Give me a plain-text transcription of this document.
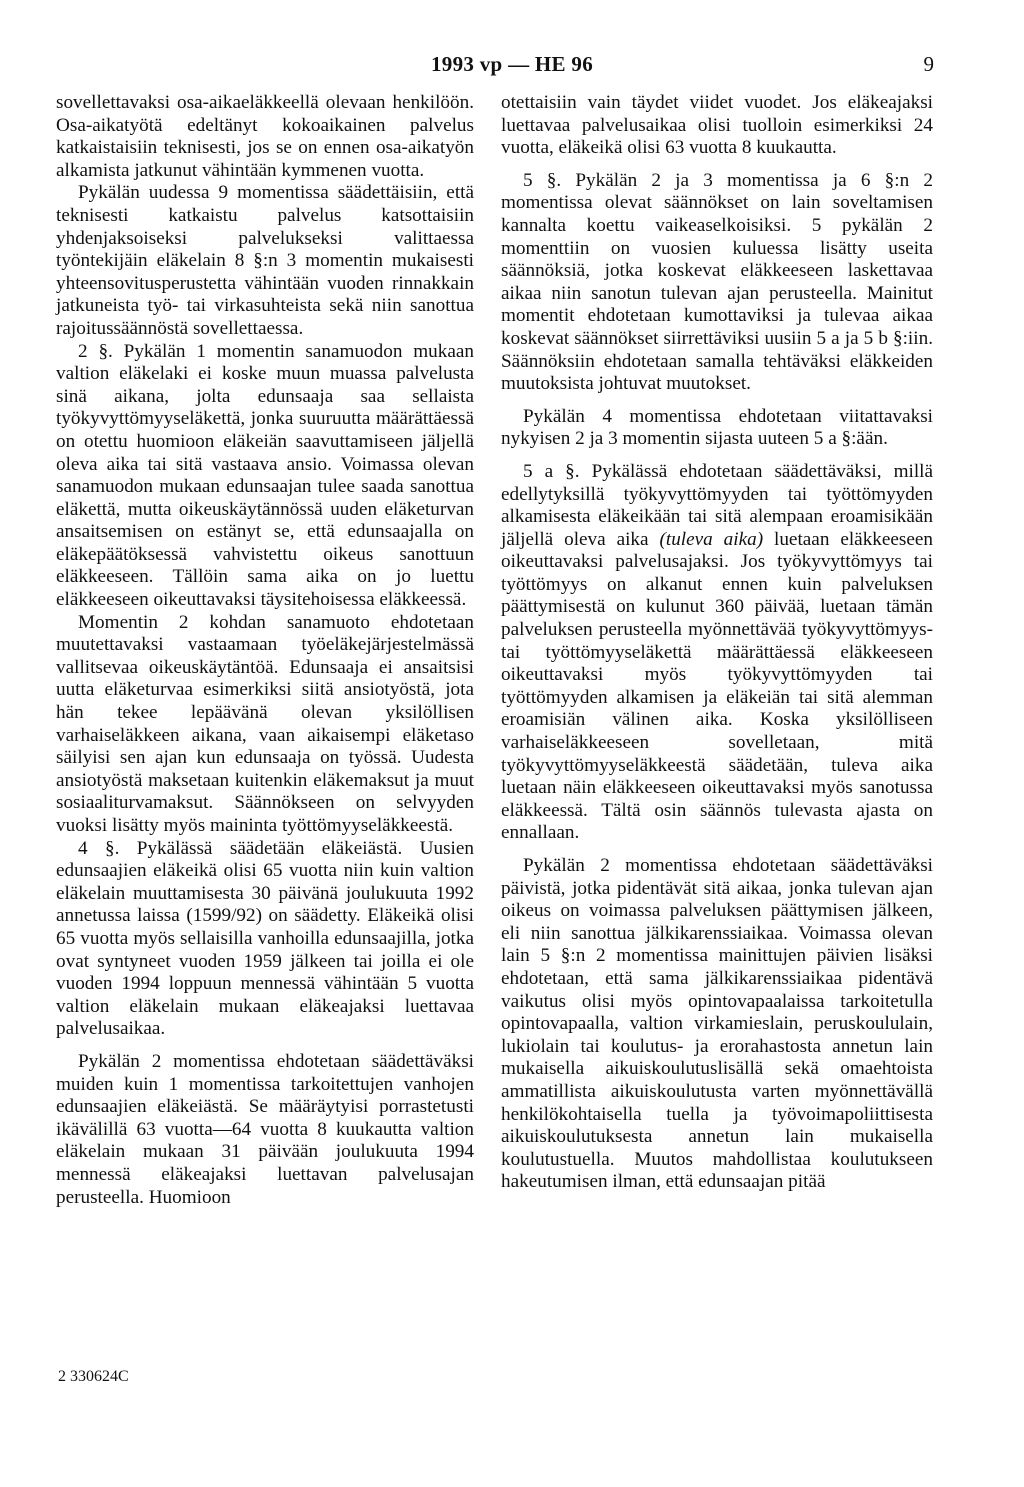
1993 vp — HE 96	9

sovellettavaksi osa-aikaeläkkeellä olevaan henkilöön. Osa-aikatyötä edeltänyt kokoaikainen palvelus katkaistaisiin teknisesti, jos se on ennen osa-aikatyön alkamista jatkunut vähintään kymmenen vuotta.

Pykälän uudessa 9 momentissa säädettäisiin, että teknisesti katkaistu palvelus katsottaisiin yhdenjaksoiseksi palvelukseksi valittaessa työntekijäin eläkelain 8 §:n 3 momentin mukaisesti yhteensovitusperustetta vähintään vuoden rinnakkain jatkuneista työ- tai virkasuhteista sekä niin sanottua rajoitussäännöstä sovellettaessa.

2 §. Pykälän 1 momentin sanamuodon mukaan valtion eläkelaki ei koske muun muassa palvelusta sinä aikana, jolta edunsaaja saa sellaista työkyvyttömyyseläkettä, jonka suuruutta määrättäessä on otettu huomioon eläkeiän saavuttamiseen jäljellä oleva aika tai sitä vastaava ansio. Voimassa olevan sanamuodon mukaan edunsaajan tulee saada sanottua eläkettä, mutta oikeuskäytännössä uuden eläketurvan ansaitsemisen on estänyt se, että edunsaajalla on eläkepäätöksessä vahvistettu oikeus sanottuun eläkkeeseen. Tällöin sama aika on jo luettu eläkkeeseen oikeuttavaksi täysitehoisessa eläkkeessä.

Momentin 2 kohdan sanamuoto ehdotetaan muutettavaksi vastaamaan työeläkejärjestelmässä vallitsevaa oikeuskäytäntöä. Edunsaaja ei ansaitsisi uutta eläketurvaa esimerkiksi siitä ansiotyöstä, jota hän tekee lepäävänä olevan yksilöllisen varhaiseläkkeen aikana, vaan aikaisempi eläketaso säilyisi sen ajan kun edunsaaja on työssä. Uudesta ansiotyöstä maksetaan kuitenkin eläkemaksut ja muut sosiaaliturvamaksut. Säännökseen on selvyyden vuoksi lisätty myös maininta työttömyyseläkkeestä.

4 §. Pykälässä säädetään eläkeiästä. Uusien edunsaajien eläkeikä olisi 65 vuotta niin kuin valtion eläkelain muuttamisesta 30 päivänä joulukuuta 1992 annetussa laissa (1599/92) on säädetty. Eläkeikä olisi 65 vuotta myös sellaisilla vanhoilla edunsaajilla, jotka ovat syntyneet vuoden 1959 jälkeen tai joilla ei ole vuoden 1994 loppuun mennessä vähintään 5 vuotta valtion eläkelain mukaan eläkeajaksi luettavaa palvelusaikaa.

Pykälän 2 momentissa ehdotetaan säädettäväksi muiden kuin 1 momentissa tarkoitettujen vanhojen edunsaajien eläkeiästä. Se määräytyisi porrastetusti ikävälillä 63 vuotta—64 vuotta 8 kuukautta valtion eläkelain mukaan 31 päivään joulukuuta 1994 mennessä eläkeajaksi luettavan palvelusajan perusteella. Huomioon

otettaisiin vain täydet viidet vuodet. Jos eläkeajaksi luettavaa palvelusaikaa olisi tuolloin esimerkiksi 24 vuotta, eläkeikä olisi 63 vuotta 8 kuukautta.

5 §. Pykälän 2 ja 3 momentissa ja 6 §:n 2 momentissa olevat säännökset on lain soveltamisen kannalta koettu vaikeaselkoisiksi. 5 pykälän 2 momenttiin on vuosien kuluessa lisätty useita säännöksiä, jotka koskevat eläkkeeseen laskettavaa aikaa niin sanotun tulevan ajan perusteella. Mainitut momentit ehdotetaan kumottaviksi ja tulevaa aikaa koskevat säännökset siirrettäviksi uusiin 5 a ja 5 b §:iin. Säännöksiin ehdotetaan samalla tehtäväksi eläkkeiden muutoksista johtuvat muutokset.

Pykälän 4 momentissa ehdotetaan viitattavaksi nykyisen 2 ja 3 momentin sijasta uuteen 5 a §:ään.

5 a §. Pykälässä ehdotetaan säädettäväksi, millä edellytyksillä työkyvyttömyyden tai työttömyyden alkamisesta eläkeikään tai sitä alempaan eroamisikään jäljellä oleva aika (tuleva aika) luetaan eläkkeeseen oikeuttavaksi palvelusajaksi. Jos työkyvyttömyys tai työttömyys on alkanut ennen kuin palveluksen päättymisestä on kulunut 360 päivää, luetaan tämän palveluksen perusteella myönnettävää työkyvyttömyys- tai työttömyyseläkettä määrättäessä eläkkeeseen oikeuttavaksi myös työkyvyttömyyden tai työttömyyden alkamisen ja eläkeiän tai sitä alemman eroamisiän välinen aika. Koska yksilölliseen varhaiseläkkeeseen sovelletaan, mitä työkyvyttömyyseläkkeestä säädetään, tuleva aika luetaan näin eläkkeeseen oikeuttavaksi myös sanotussa eläkkeessä. Tältä osin säännös tulevasta ajasta on ennallaan.

Pykälän 2 momentissa ehdotetaan säädettäväksi päivistä, jotka pidentävät sitä aikaa, jonka tulevan ajan oikeus on voimassa palveluksen päättymisen jälkeen, eli niin sanottua jälkikarenssiaikaa. Voimassa olevan lain 5 §:n 2 momentissa mainittujen päivien lisäksi ehdotetaan, että sama jälkikarenssiaikaa pidentävä vaikutus olisi myös opintovapaalaissa tarkoitetulla opintovapaalla, valtion virkamieslain, peruskoululain, lukiolain tai koulutus- ja erorahastosta annetun lain mukaisella aikuiskoulutuslisällä sekä omaehtoista ammatillista aikuiskoulutusta varten myönnettävällä henkilökohtaisella tuella ja työvoimapoliittisesta aikuiskoulutuksesta annetun lain mukaisella koulutustuella. Muutos mahdollistaa koulutukseen hakeutumisen ilman, että edunsaajan pitää

2 330624C
